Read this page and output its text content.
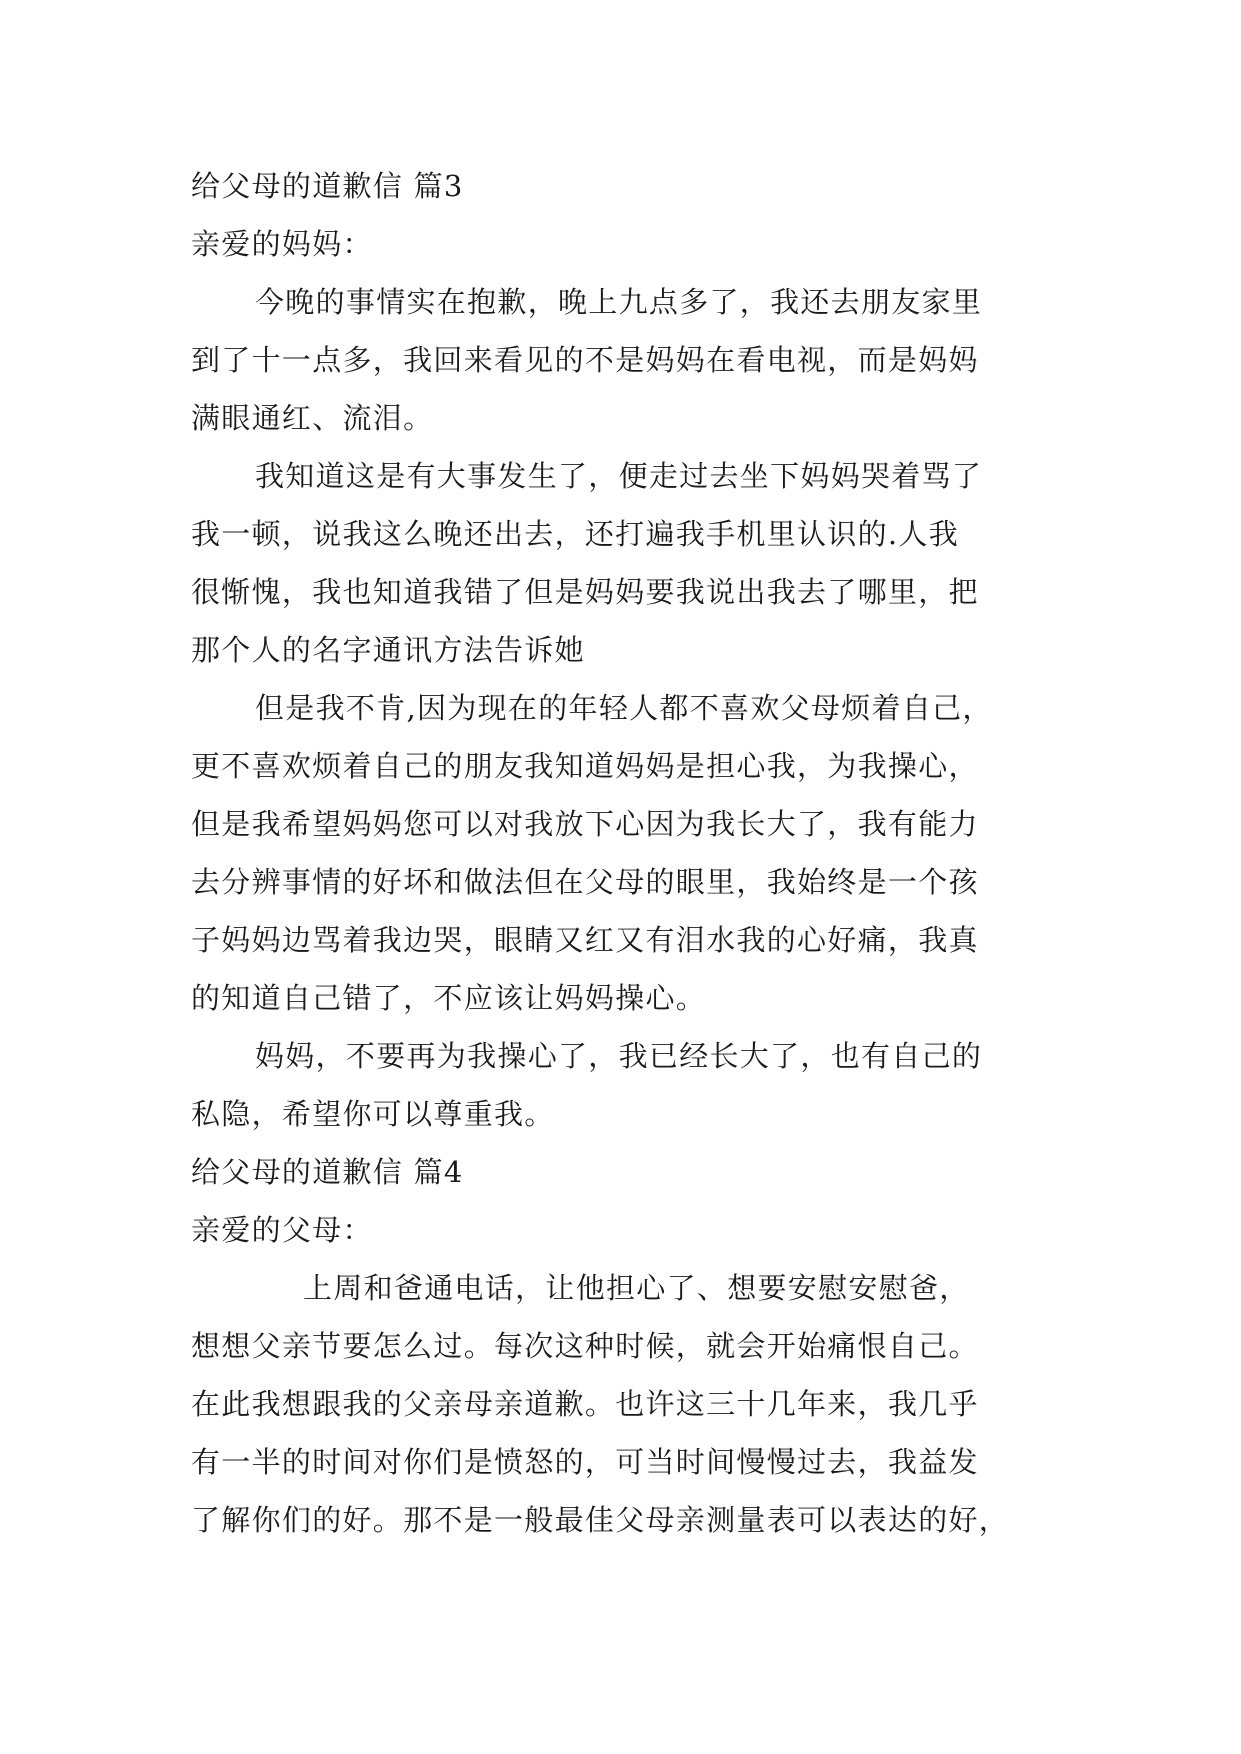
给父母的道歉信 篇3
亲爱的妈妈：
今晚的事情实在抱歉，晚上九点多了，我还去朋友家里
到了十一点多，我回来看见的不是妈妈在看电视，而是妈妈
满眼通红、流泪。
我知道这是有大事发生了，便走过去坐下妈妈哭着骂了
我一顿，说我这么晚还出去，还打遍我手机里认识的.人我
很惭愧，我也知道我错了但是妈妈要我说出我去了哪里，把
那个人的名字通讯方法告诉她
但是我不肯,因为现在的年轻人都不喜欢父母烦着自己，
更不喜欢烦着自己的朋友我知道妈妈是担心我，为我操心，
但是我希望妈妈您可以对我放下心因为我长大了，我有能力
去分辨事情的好坏和做法但在父母的眼里，我始终是一个孩
子妈妈边骂着我边哭，眼睛又红又有泪水我的心好痛，我真
的知道自己错了，不应该让妈妈操心。
妈妈，不要再为我操心了，我已经长大了，也有自己的
私隐，希望你可以尊重我。
给父母的道歉信 篇4
亲爱的父母：
上周和爸通电话，让他担心了、想要安慰安慰爸，
想想父亲节要怎么过。每次这种时候，就会开始痛恨自己。
在此我想跟我的父亲母亲道歉。也许这三十几年来，我几乎
有一半的时间对你们是愤怒的，可当时间慢慢过去，我益发
了解你们的好。那不是一般最佳父母亲测量表可以表达的好，
